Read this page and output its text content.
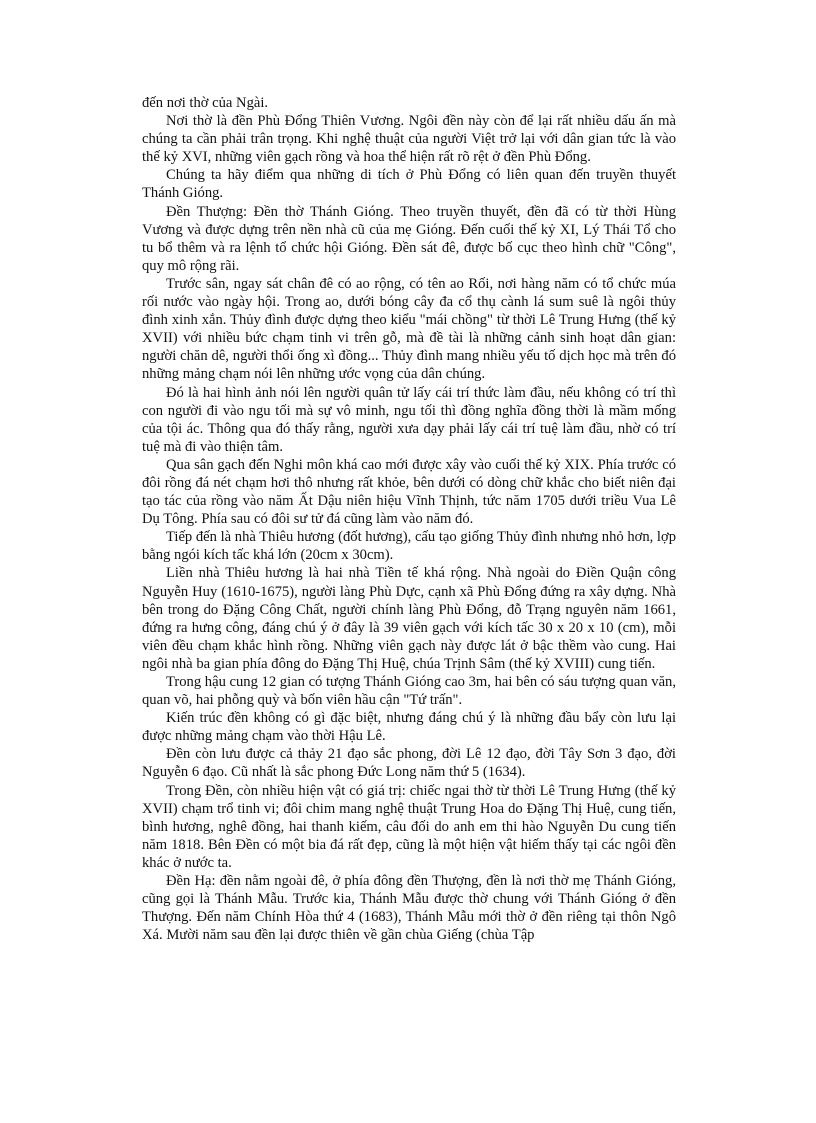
đến nơi thờ của Ngài.

Nơi thờ là đền Phù Đổng Thiên Vương. Ngôi đền này còn để lại rất nhiều dấu ấn mà chúng ta cần phải trân trọng. Khi nghệ thuật của người Việt trở lại với dân gian tức là vào thế kỷ XVI, những viên gạch rồng và hoa thể hiện rất rõ rệt ở đền Phù Đổng.

Chúng ta hãy điểm qua những di tích ở Phù Đổng có liên quan đến truyền thuyết Thánh Gióng.

Đền Thượng: Đền thờ Thánh Gióng. Theo truyền thuyết, đền đã có từ thời Hùng Vương và được dựng trên nền nhà cũ của mẹ Gióng. Đến cuối thế kỷ XI, Lý Thái Tổ cho tu bổ thêm và ra lệnh tổ chức hội Gióng. Đền sát đê, được bố cục theo hình chữ "Công", quy mô rộng rãi.

Trước sân, ngay sát chân đê có ao rộng, có tên ao Rối, nơi hàng năm có tổ chức múa rối nước vào ngày hội. Trong ao, dưới bóng cây đa cổ thụ cành lá sum suê là ngôi thủy đình xinh xắn. Thủy đình được dựng theo kiểu "mái chồng" từ thời Lê Trung Hưng (thế kỷ XVII) với nhiều bức chạm tinh vi trên gỗ, mà đề tài là những cảnh sinh hoạt dân gian: người chăn dê, người thổi ống xì đồng... Thủy đình mang nhiều yếu tố dịch học mà trên đó những mảng chạm nói lên những ước vọng của dân chúng.

Đó là hai hình ảnh nói lên người quân tử lấy cái trí thức làm đầu, nếu không có trí thì con người đi vào ngu tối mà sự vô minh, ngu tối thì đồng nghĩa đồng thời là mầm mống của tội ác. Thông qua đó thấy rằng, người xưa dạy phải lấy cái trí tuệ làm đầu, nhờ có trí tuệ mà đi vào thiện tâm.

Qua sân gạch đến Nghi môn khá cao mới được xây vào cuối thế kỷ XIX. Phía trước có đôi rồng đá nét chạm hơi thô nhưng rất khỏe, bên dưới có dòng chữ khắc cho biết niên đại tạo tác của rồng vào năm Ất Dậu niên hiệu Vĩnh Thịnh, tức năm 1705 dưới triều Vua Lê Dụ Tông. Phía sau có đôi sư tử đá cũng làm vào năm đó.

Tiếp đến là nhà Thiêu hương (đốt hương), cấu tạo giống Thủy đình nhưng nhỏ hơn, lợp bằng ngói kích tấc khá lớn (20cm x 30cm).

Liền nhà Thiêu hương là hai nhà Tiền tế khá rộng. Nhà ngoài do Điền Quận công Nguyễn Huy (1610-1675), người làng Phù Dực, cạnh xã Phù Đổng đứng ra xây dựng. Nhà bên trong do Đặng Công Chất, người chính làng Phù Đổng, đỗ Trạng nguyên năm 1661, đứng ra hưng công, đáng chú ý ở đây là 39 viên gạch với kích tấc 30 x 20 x 10 (cm), mỗi viên đều chạm khắc hình rồng. Những viên gạch này được lát ở bậc thềm vào cung. Hai ngôi nhà ba gian phía đông do Đặng Thị Huệ, chúa Trịnh Sâm (thế kỷ XVIII) cung tiến.

Trong hậu cung 12 gian có tượng Thánh Gióng cao 3m, hai bên có sáu tượng quan văn, quan võ, hai phỗng quỳ và bốn viên hầu cận "Tứ trấn".

Kiến trúc đền không có gì đặc biệt, nhưng đáng chú ý là những đầu bẩy còn lưu lại được những mảng chạm vào thời Hậu Lê.

Đền còn lưu được cả thảy 21 đạo sắc phong, đời Lê 12 đạo, đời Tây Sơn 3 đạo, đời Nguyễn 6 đạo. Cũ nhất là sắc phong Đức Long năm thứ 5 (1634).

Trong Đền, còn nhiều hiện vật có giá trị: chiếc ngai thờ từ thời Lê Trung Hưng (thế kỷ XVII) chạm trổ tinh vi; đôi chim mang nghệ thuật Trung Hoa do Đặng Thị Huệ, cung tiến, bình hương, nghê đồng, hai thanh kiếm, câu đối do anh em thi hào Nguyễn Du cung tiến năm 1818. Bên Đền có một bia đá rất đẹp, cũng là một hiện vật hiếm thấy tại các ngôi đền khác ở nước ta.

Đền Hạ: đền nằm ngoài đê, ở phía đông đền Thượng, đền là nơi thờ mẹ Thánh Gióng, cũng gọi là Thánh Mẫu. Trước kia, Thánh Mẫu được thờ chung với Thánh Gióng ở đền Thượng. Đến năm Chính Hòa thứ 4 (1683), Thánh Mẫu mới thờ ở đền riêng tại thôn Ngô Xá. Mười năm sau đền lại được thiên về gần chùa Giếng (chùa Tập
